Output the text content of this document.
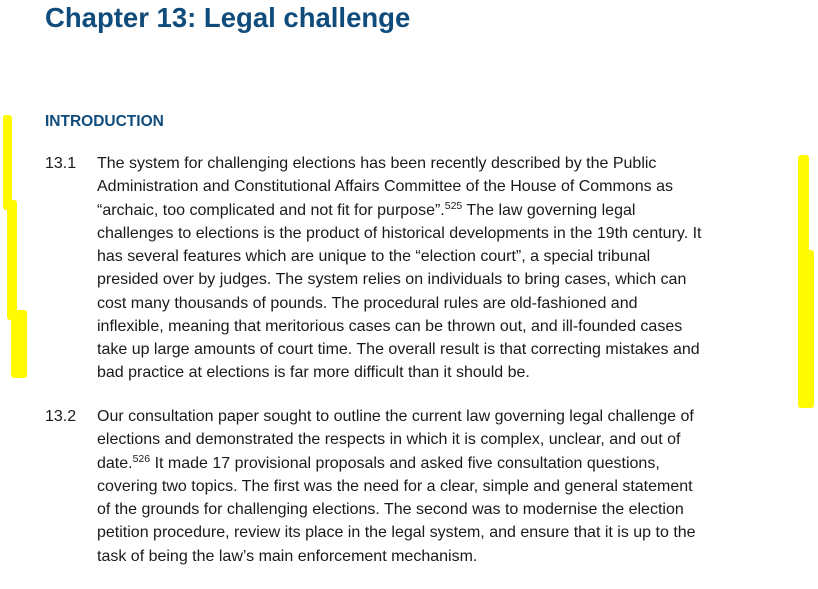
Chapter 13: Legal challenge
INTRODUCTION
13.1 The system for challenging elections has been recently described by the Public
Administration and Constitutional Affairs Committee of the House of Commons as
“archaic, too complicated and not fit for purpose”.$^{525}$ The law governing legal
challenges to elections is the product of historical developments in the 19th century. It
has several features which are unique to the “election court”, a special tribunal
presided over by judges. The system relies on individuals to bring cases, which can
cost many thousands of pounds. The procedural rules are old-fashioned and
inflexible, meaning that meritorious cases can be thrown out, and ill-founded cases
take up large amounts of court time. The overall result is that correcting mistakes and
bad practice at elections is far more difficult than it should be.
13.2 Our consultation paper sought to outline the current law governing legal challenge of
elections and demonstrated the respects in which it is complex, unclear, and out of
date.$^{526}$ It made 17 provisional proposals and asked five consultation questions,
covering two topics. The first was the need for a clear, simple and general statement
of the grounds for challenging elections. The second was to modernise the election
petition procedure, review its place in the legal system, and ensure that it is up to the
task of being the law’s main enforcement mechanism.
